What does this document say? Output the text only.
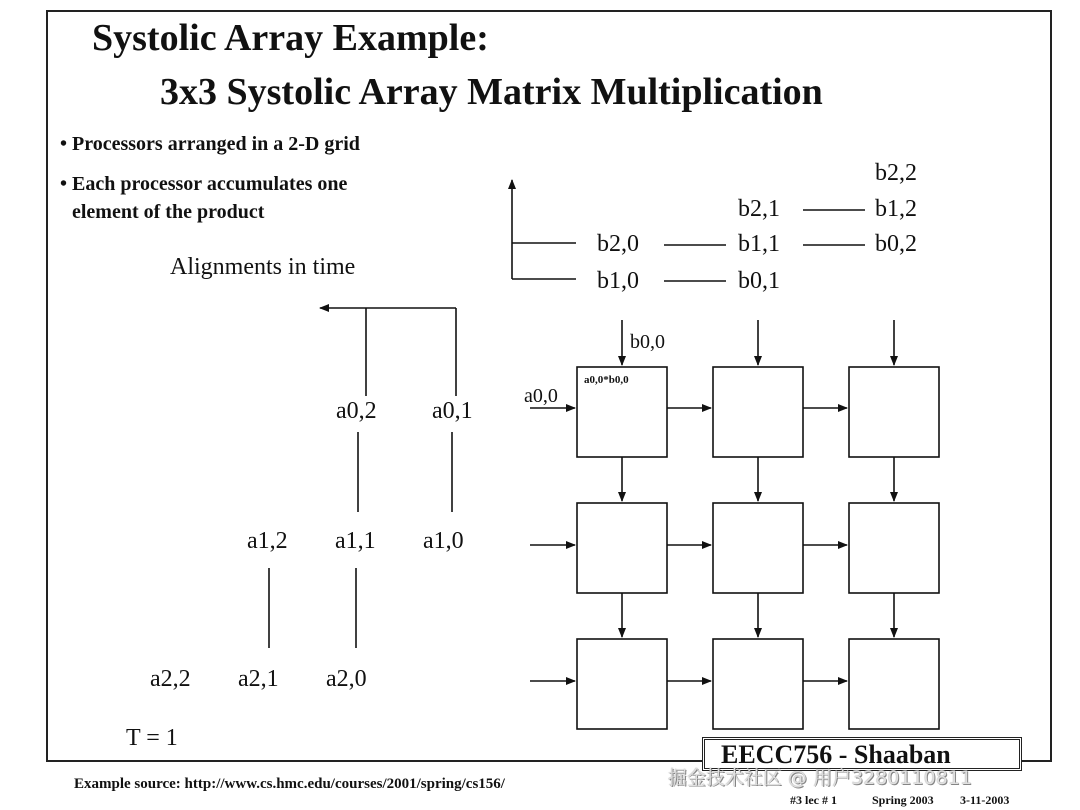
Systolic Array Example:
3x3 Systolic Array Matrix Multiplication
• Processors arranged in a 2-D grid
• Each processor accumulates one
element of the product
Alignments in time
T = 1
b2,2
b2,1	b1,2
b2,0	b1,1	b0,2
b1,0	b0,1
b0,0
a0,2 a0,1
a1,2 a1,1 a1,0
a2,2 a2,1 a2,0
a0,0
a0,0*b0,0
EECC756 - Shaaban
Example source: http://www.cs.hmc.edu/courses/2001/spring/cs156/
#3 lec # 1	Spring 2003 3-11-2003
掘金技术社区 @ 用户3280110811
